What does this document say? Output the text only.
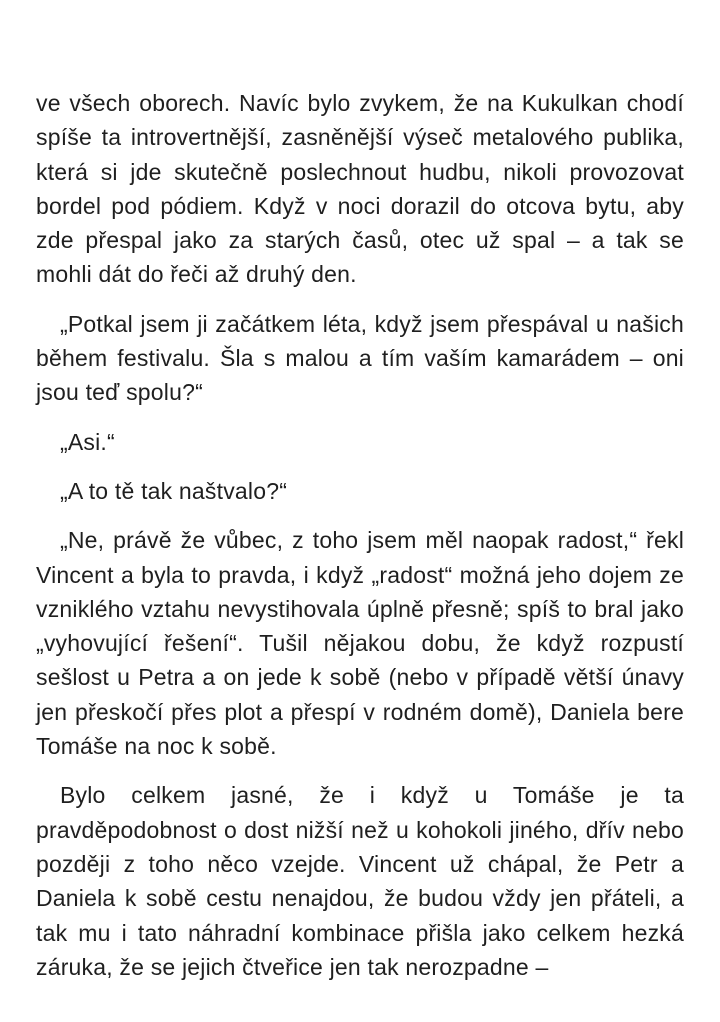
ve všech oborech. Navíc bylo zvykem, že na Kukulkan chodí spíše ta introvertnější, zasněnější výseč metalového publika, která si jde skutečně poslechnout hudbu, nikoli provozovat bordel pod pódiem. Když v noci dorazil do otcova bytu, aby zde přespal jako za starých časů, otec už spal – a tak se mohli dát do řeči až druhý den.

„Potkal jsem ji začátkem léta, když jsem přespával u našich během festivalu. Šla s malou a tím vaším kamarádem – oni jsou teď spolu?“

„Asi.“

„A to tě tak naštvalo?“

„Ne, právě že vůbec, z toho jsem měl naopak radost,“ řekl Vincent a byla to pravda, i když „radost“ možná jeho dojem ze vzniklého vztahu nevystihovala úplně přesně; spíš to bral jako „vyhovující řešení“. Tušil nějakou dobu, že když rozpustí sešlost u Petra a on jede k sobě (nebo v případě větší únavy jen přeskočí přes plot a přespí v rodném domě), Daniela bere Tomáše na noc k sobě.

Bylo celkem jasné, že i když u Tomáše je ta pravděpodobnost o dost nižší než u kohokoli jiného, dřív nebo později z toho něco vzejde. Vincent už chápal, že Petr a Daniela k sobě cestu nenajdou, že budou vždy jen přáteli, a tak mu i tato náhradní kombinace přišla jako celkem hezká záruka, že se jejich čtveřice jen tak nerozpadne –
